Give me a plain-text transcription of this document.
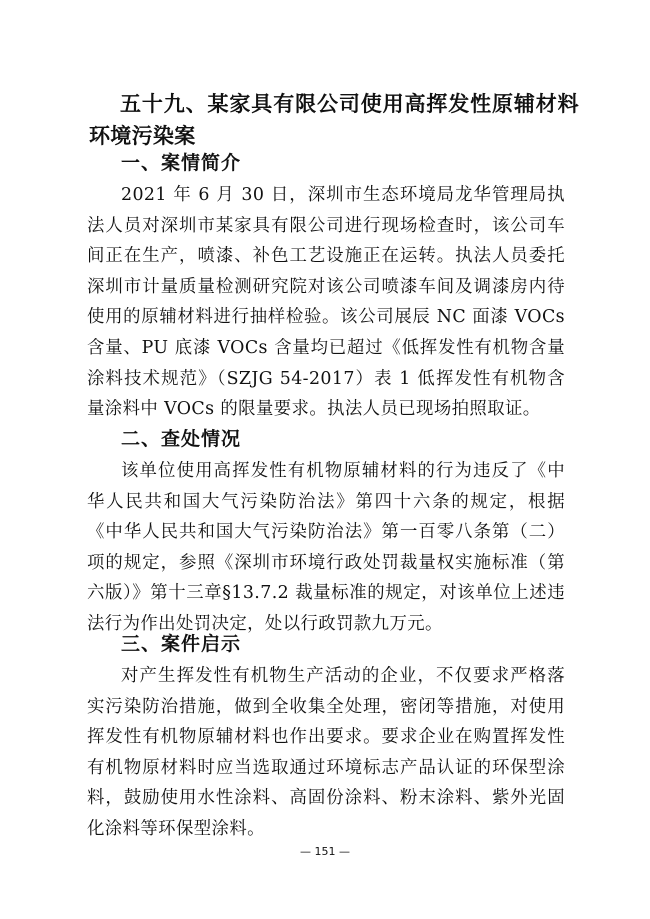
五十九、某家具有限公司使用高挥发性原辅材料环境污染案
一、案情简介
2021 年 6 月 30 日，深圳市生态环境局龙华管理局执法人员对深圳市某家具有限公司进行现场检查时，该公司车间正在生产，喷漆、补色工艺设施正在运转。执法人员委托深圳市计量质量检测研究院对该公司喷漆车间及调漆房内待使用的原辅材料进行抽样检验。该公司展辰 NC 面漆 VOCs 含量、PU 底漆 VOCs 含量均已超过《低挥发性有机物含量涂料技术规范》（SZJG 54-2017）表 1 低挥发性有机物含量涂料中 VOCs 的限量要求。执法人员已现场拍照取证。
二、查处情况
该单位使用高挥发性有机物原辅材料的行为违反了《中华人民共和国大气污染防治法》第四十六条的规定，根据《中华人民共和国大气污染防治法》第一百零八条第（二）项的规定，参照《深圳市环境行政处罚裁量权实施标准（第六版）》第十三章§13.7.2 裁量标准的规定，对该单位上述违法行为作出处罚决定，处以行政罚款九万元。
三、案件启示
对产生挥发性有机物生产活动的企业，不仅要求严格落实污染防治措施，做到全收集全处理，密闭等措施，对使用挥发性有机物原辅材料也作出要求。要求企业在购置挥发性有机物原材料时应当选取通过环境标志产品认证的环保型涂料，鼓励使用水性涂料、高固份涂料、粉末涂料、紫外光固化涂料等环保型涂料。
— 151 —
